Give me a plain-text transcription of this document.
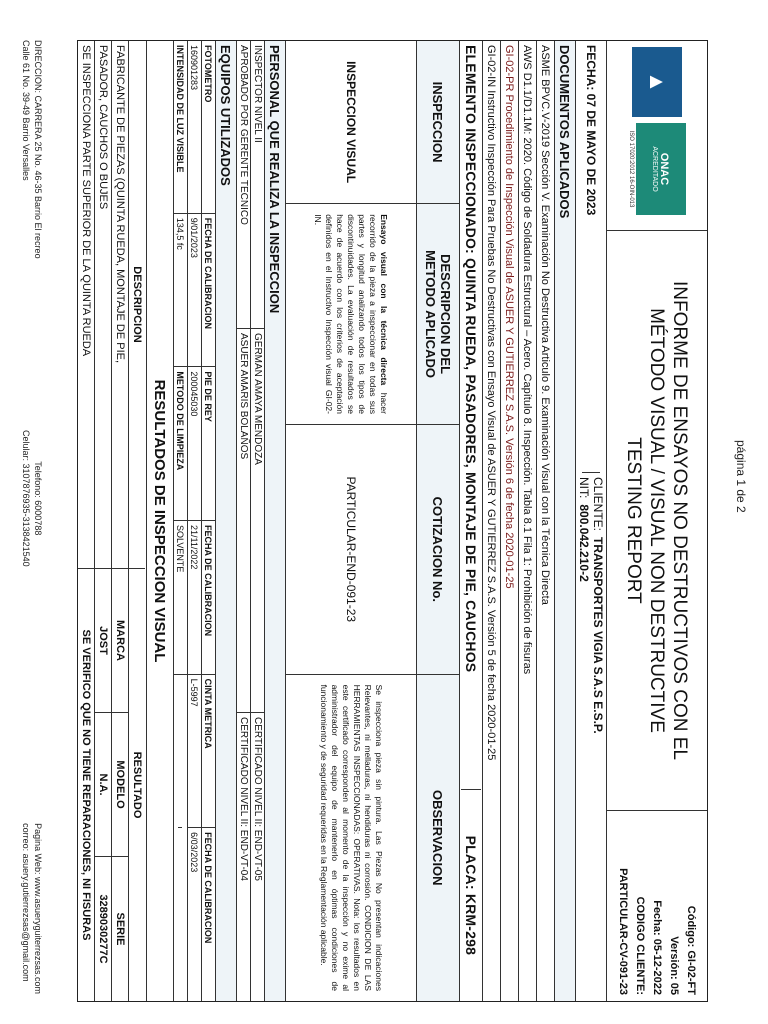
página 1 de 2
▲
ONAC
ACREDITADO
ISO 17020:2012 16-OIN-013
INFORME DE ENSAYOS NO DESTRUCTIVOS CON EL
MÉTODO VISUAL / VISUAL NON DESTRUCTIVE
TESTING REPORT
Código: GI-02-FT
Versión: 05
Fecha: 05-12-2022
CODIGO CLIENTE:
PARTICULAR-CV-091-23
FECHA: 07 DE MAYO DE 2023
CLIENTE:
TRANSPORTES VIGIA S.A.S E.S.P.
NIT:
800.042.210-2
DOCUMENTOS APLICADOS
ASME BPVC.V-2019 Sección V. Examinación No Destructiva Articulo 9. Examinación Visual con la Técnica Directa
AWS D1.1/D1.1M: 2020. Código de Soldadura Estructural – Acero. Capítulo 8. Inspección. Tabla 8.1 Fila 1: Prohibición de fisuras
GI-02-PR Procedimiento de Inspección Visual de ASUER Y GUTIERREZ S.A.S. Versión 6 de fecha 2020-01-25
GI-02-IN Instructivo Inspección Para Pruebas No Destructivas con Ensayo Visual de ASUER Y GUTIERREZ S.A.S. Versión 5 de fecha 2020-01-25
ELEMENTO INSPECCIONADO: QUINTA RUEDA, PASADORES, MONTAJE DE PIE, CAUCHOS
PLACA: KRM-298
INSPECCION
DESCRIPCION DEL
METODO APLICADO
COTIZACION No.
OBSERVACION
INSPECCION VISUAL
Ensayo visual con la técnica directa hacer recorrido de la pieza a inspeccionar en todas sus partes y longitud analizando todos los tipos de discontinuidades. La evaluación de resultados se hace de acuerdo con los criterios de aceptación definidos en el Instructivo Inspección visual GI-02-IN.
PARTICULAR-END-091-23
Se inspecciona pieza sin pintura. Las Piezas No presentan indicaciones Relevantes, ni melladuras, ni hendiduras ni corrosión. CONDICION DE LAS HERRAMIENTAS INSPECCIONADAS: OPERATIVAS. Nota: los resultados en este certificado corresponden al momento de la inspección y no exime al administrador del equipo de mantenerlo en óptimas condiciones de funcionamiento y de seguridad requeridas en la Reglamentación aplicable.
PERSONAL QUE REALIZA LA INSPECCION
INSPECTOR NIVEL II
GERMAN AMAYA MENDOZA
CERTIFICADO NIVEL II: END-VT-05
APROBADO POR GERENTE TECNICO
ASUER AMARIS BOLAÑOS
CERTIFICADO NIVEL II: END-VT-04
EQUIPOS UTILIZADOS
FOTOMETRO
FECHA DE CALIBRACION
PIE DE REY
FECHA DE CALIBRACION
CINTA METRICA
FECHA DE CALIBRACION
160901283
9/01/2023
200045030
21/11/2022
L-5997
6/03/2023
INTENSIDAD DE LUZ VISIBLE
134,5 fc
METODO DE LIMPIEZA
SOLVENTE
RESULTADOS DE INSPECCION VISUAL
DESCRIPCION
RESULTADO
FABRICANTE DE PIEZAS (QUINTA RUEDA, MONTAJE DE PIE,
MARCA
MODELO
SERIE
PASADOR, CAUCHOS O BUJES
JOST
N.A.
3289030277C
SE INSPECCIONA PARTE SUPERIOR DE LA QUINTA RUEDA
SE VERIFICO QUE NO TIENE REPARACIONES, NI FISURAS
DIRECCION: CARRERA 25 No. 46-35 Barrio El recreo
Calle 61 No. 39-49 Barrio Versalles
Telefono: 6000788
Celular: 3107876935-3138421540
Pagina Web: www.asueryguiterrezsas.com
correo: asuery.gutierrezsas@gmail.com
